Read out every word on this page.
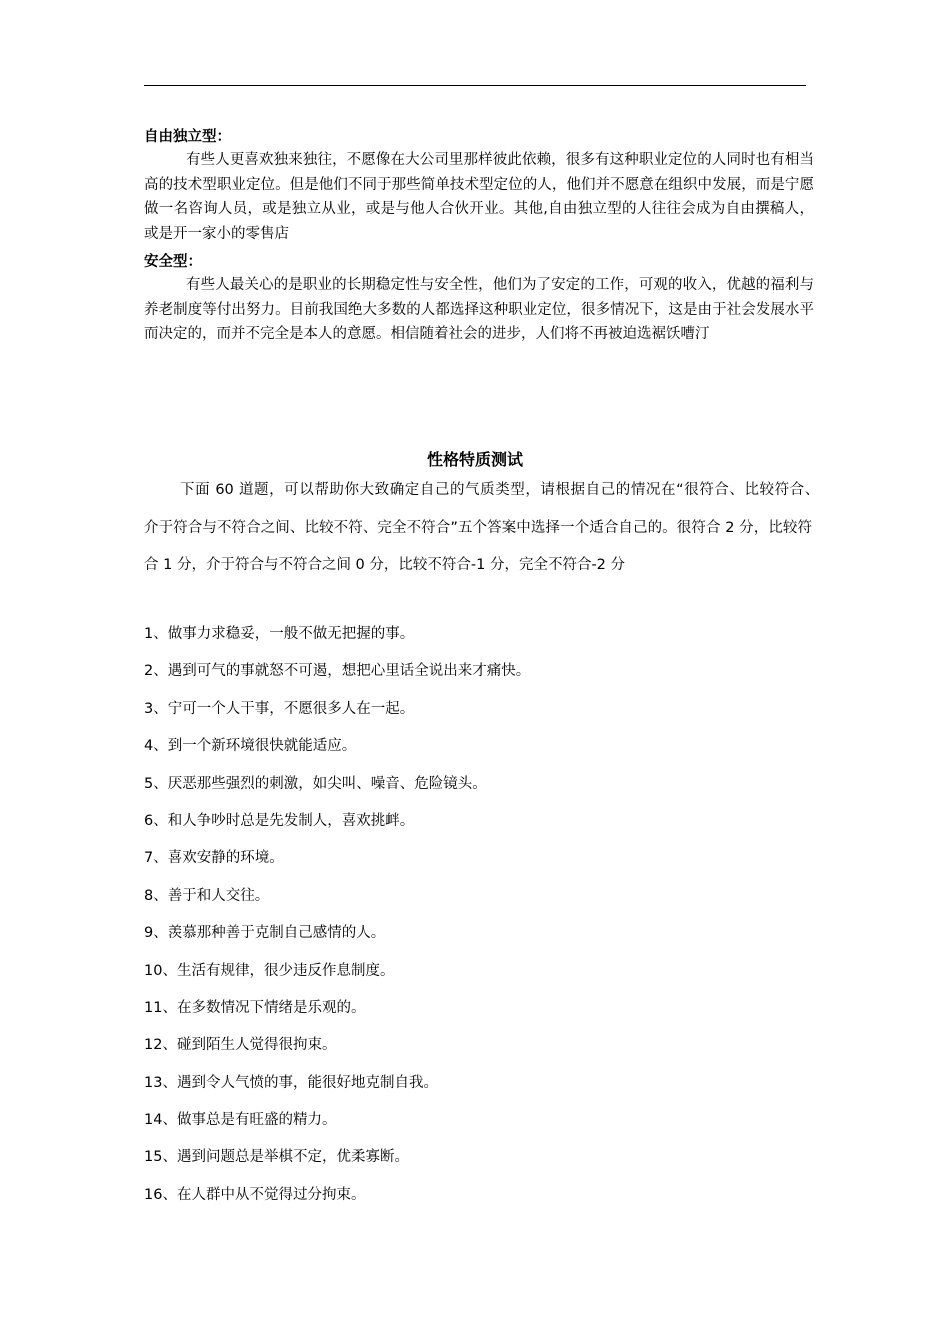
自由独立型：

有些人更喜欢独来独往，不愿像在大公司里那样彼此依赖，很多有这种职业定位的人同时也有相当高的技术型职业定位。但是他们不同于那些简单技术型定位的人，他们并不愿意在组织中发展，而是宁愿做一名咨询人员，或是独立从业，或是与他人合伙开业。其他,自由独立型的人往往会成为自由撰稿人，或是开一家小的零售店

安全型：

有些人最关心的是职业的长期稳定性与安全性，他们为了安定的工作，可观的收入，优越的福利与养老制度等付出努力。目前我国绝大多数的人都选择这种职业定位，很多情况下，这是由于社会发展水平而决定的，而并不完全是本人的意愿。相信随着社会的进步，人们将不再被迫选裾饫嘈汀

性格特质测试

下面 60 道题，可以帮助你大致确定自己的气质类型，请根据自己的情况在“很符合、比较符合、　　介于符合与不符合之间、比较不符、完全不符合”五个答案中选择一个适合自己的。很符合 2 分，比较符合 1 分，介于符合与不符合之间 0 分，比较不符合-1 分，完全不符合-2 分

1、做事力求稳妥，一般不做无把握的事。
2、遇到可气的事就怒不可遏，想把心里话全说出来才痛快。
3、宁可一个人干事，不愿很多人在一起。
4、到一个新环境很快就能适应。
5、厌恶那些强烈的刺激，如尖叫、噪音、危险镜头。
6、和人争吵时总是先发制人，喜欢挑衅。
7、喜欢安静的环境。
8、善于和人交往。
9、羡慕那种善于克制自己感情的人。
10、生活有规律，很少违反作息制度。
11、在多数情况下情绪是乐观的。
12、碰到陌生人觉得很拘束。
13、遇到令人气愤的事，能很好地克制自我。
14、做事总是有旺盛的精力。
15、遇到问题总是举棋不定，优柔寡断。
16、在人群中从不觉得过分拘束。
